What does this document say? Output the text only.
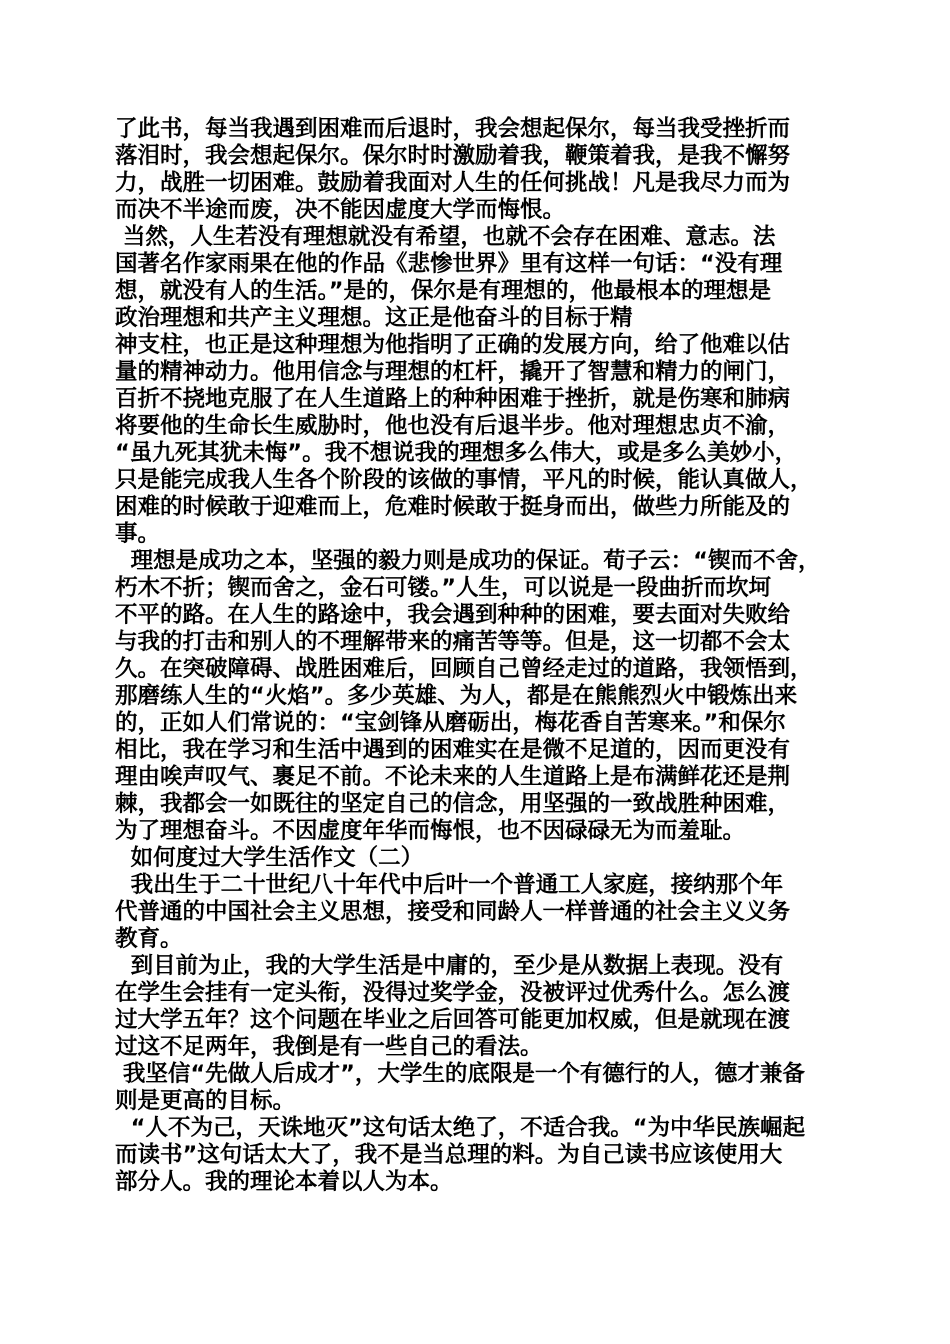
了此书，每当我遇到困难而后退时，我会想起保尔，每当我受挫折而
落泪时，我会想起保尔。保尔时时激励着我，鞭策着我，是我不懈努
力，战胜一切困难。鼓励着我面对人生的任何挑战！凡是我尽力而为
而决不半途而废，决不能因虚度大学而悔恨。
当然，人生若没有理想就没有希望，也就不会存在困难、意志。法
国著名作家雨果在他的作品《悲惨世界》里有这样一句话：“没有理
想，就没有人的生活。”是的，保尔是有理想的，他最根本的理想是
政治理想和共产主义理想。这正是他奋斗的目标于精
神支柱，也正是这种理想为他指明了正确的发展方向，给了他难以估
量的精神动力。他用信念与理想的杠杆，撬开了智慧和精力的闸门，
百折不挠地克服了在人生道路上的种种困难于挫折，就是伤寒和肺病
将要他的生命长生威胁时，他也没有后退半步。他对理想忠贞不渝，
“虽九死其犹未悔”。我不想说我的理想多么伟大，或是多么美妙小，
只是能完成我人生各个阶段的该做的事情，平凡的时候，能认真做人，
困难的时候敢于迎难而上，危难时候敢于挺身而出，做些力所能及的
事。
理想是成功之本，坚强的毅力则是成功的保证。荀子云：“锲而不舍，
朽木不折；锲而舍之，金石可镂。”人生，可以说是一段曲折而坎坷
不平的路。在人生的路途中，我会遇到种种的困难，要去面对失败给
与我的打击和别人的不理解带来的痛苦等等。但是，这一切都不会太
久。在突破障碍、战胜困难后，回顾自己曾经走过的道路，我领悟到，
那磨练人生的“火焰”。多少英雄、为人，都是在熊熊烈火中锻炼出来
的，正如人们常说的：“宝剑锋从磨砺出，梅花香自苦寒来。”和保尔
相比，我在学习和生活中遇到的困难实在是微不足道的，因而更没有
理由唉声叹气、裹足不前。不论未来的人生道路上是布满鲜花还是荆
棘，我都会一如既往的坚定自己的信念，用坚强的一致战胜种困难，
为了理想奋斗。不因虚度年华而悔恨，也不因碌碌无为而羞耻。
如何度过大学生活作文（二）
我出生于二十世纪八十年代中后叶一个普通工人家庭，接纳那个年
代普通的中国社会主义思想，接受和同龄人一样普通的社会主义义务
教育。
到目前为止，我的大学生活是中庸的，至少是从数据上表现。没有
在学生会挂有一定头衔，没得过奖学金，没被评过优秀什么。怎么渡
过大学五年？这个问题在毕业之后回答可能更加权威，但是就现在渡
过这不足两年，我倒是有一些自己的看法。
我坚信“先做人后成才”，大学生的底限是一个有德行的人，德才兼备
则是更高的目标。
“人不为己，天诛地灭”这句话太绝了，不适合我。“为中华民族崛起
而读书”这句话太大了，我不是当总理的料。为自己读书应该使用大
部分人。我的理论本着以人为本。
